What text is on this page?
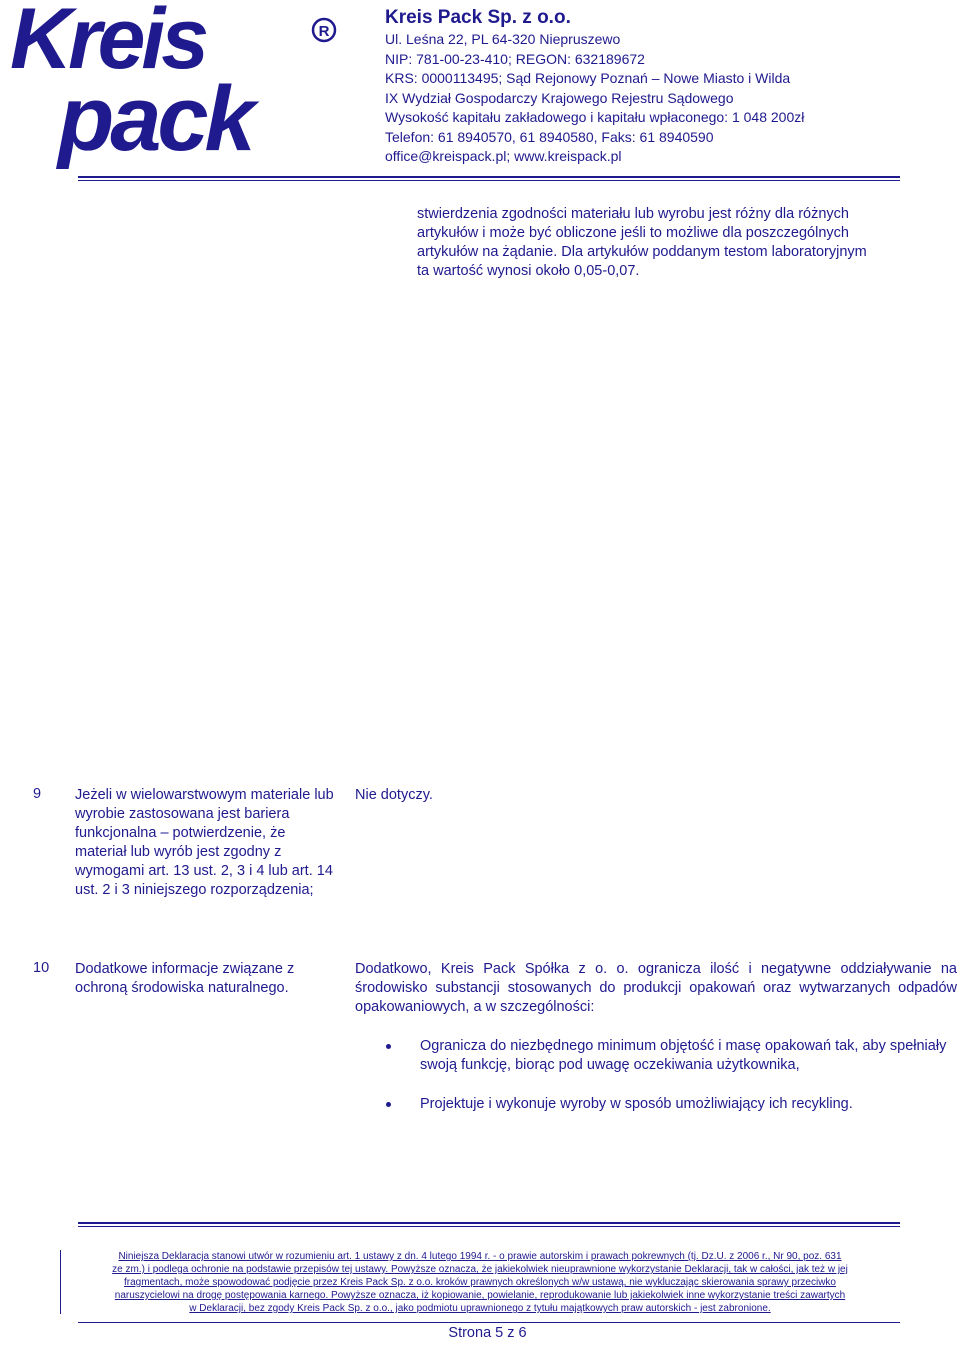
Kreis
pack
R
Kreis Pack Sp. z o.o.
Ul. Leśna 22, PL 64-320 Niepruszewo
NIP: 781-00-23-410; REGON: 632189672
KRS: 0000113495; Sąd Rejonowy Poznań – Nowe Miasto i Wilda
IX Wydział Gospodarczy Krajowego Rejestru Sądowego
Wysokość kapitału zakładowego i kapitału wpłaconego: 1 048 200zł
Telefon: 61 8940570, 61 8940580, Faks: 61 8940590
office@kreispack.pl; www.kreispack.pl
stwierdzenia zgodności materiału lub wyrobu jest różny dla różnych
artykułów i może być obliczone jeśli to możliwe dla poszczególnych
artykułów na żądanie. Dla artykułów poddanym testom laboratoryjnym
ta wartość wynosi około 0,05-0,07.
9 Jeżeli w wielowarstwowym materiale lub wyrobie zastosowana jest bariera funkcjonalna – potwierdzenie, że materiał lub wyrób jest zgodny z wymogami art. 13 ust. 2, 3 i 4 lub art. 14 ust. 2 i 3 niniejszego rozporządzenia;
Nie dotyczy.
10 Dodatkowe informacje związane z ochroną środowiska naturalnego.
Dodatkowo, Kreis Pack Spółka z o. o. ogranicza ilość i negatywne oddziaływanie na środowisko substancji stosowanych do produkcji opakowań oraz wytwarzanych odpadów opakowaniowych, a w szczególności:
Ogranicza do niezbędnego minimum objętość i masę opakowań tak, aby spełniały swoją funkcję, biorąc pod uwagę oczekiwania użytkownika,
Projektuje i wykonuje wyroby w sposób umożliwiający ich recykling.
Niniejsza Deklaracja stanowi utwór w rozumieniu art. 1 ustawy z dn. 4 lutego 1994 r. - o prawie autorskim i prawach pokrewnych (tj. Dz.U. z 2006 r., Nr 90, poz. 631
ze zm.) i podlega ochronie na podstawie przepisów tej ustawy. Powyższe oznacza, że jakiekolwiek nieuprawnione wykorzystanie Deklaracji, tak w całości, jak też w jej
fragmentach, może spowodować podjęcie przez Kreis Pack Sp. z o.o. kroków prawnych określonych w/w ustawą, nie wykluczając skierowania sprawy przeciwko
naruszycielowi na drogę postępowania karnego. Powyższe oznacza, iż kopiowanie, powielanie, reprodukowanie lub jakiekolwiek inne wykorzystanie treści zawartych
w Deklaracji, bez zgody Kreis Pack Sp. z o.o., jako podmiotu uprawnionego z tytułu majątkowych praw autorskich - jest zabronione.
Strona 5 z 6
